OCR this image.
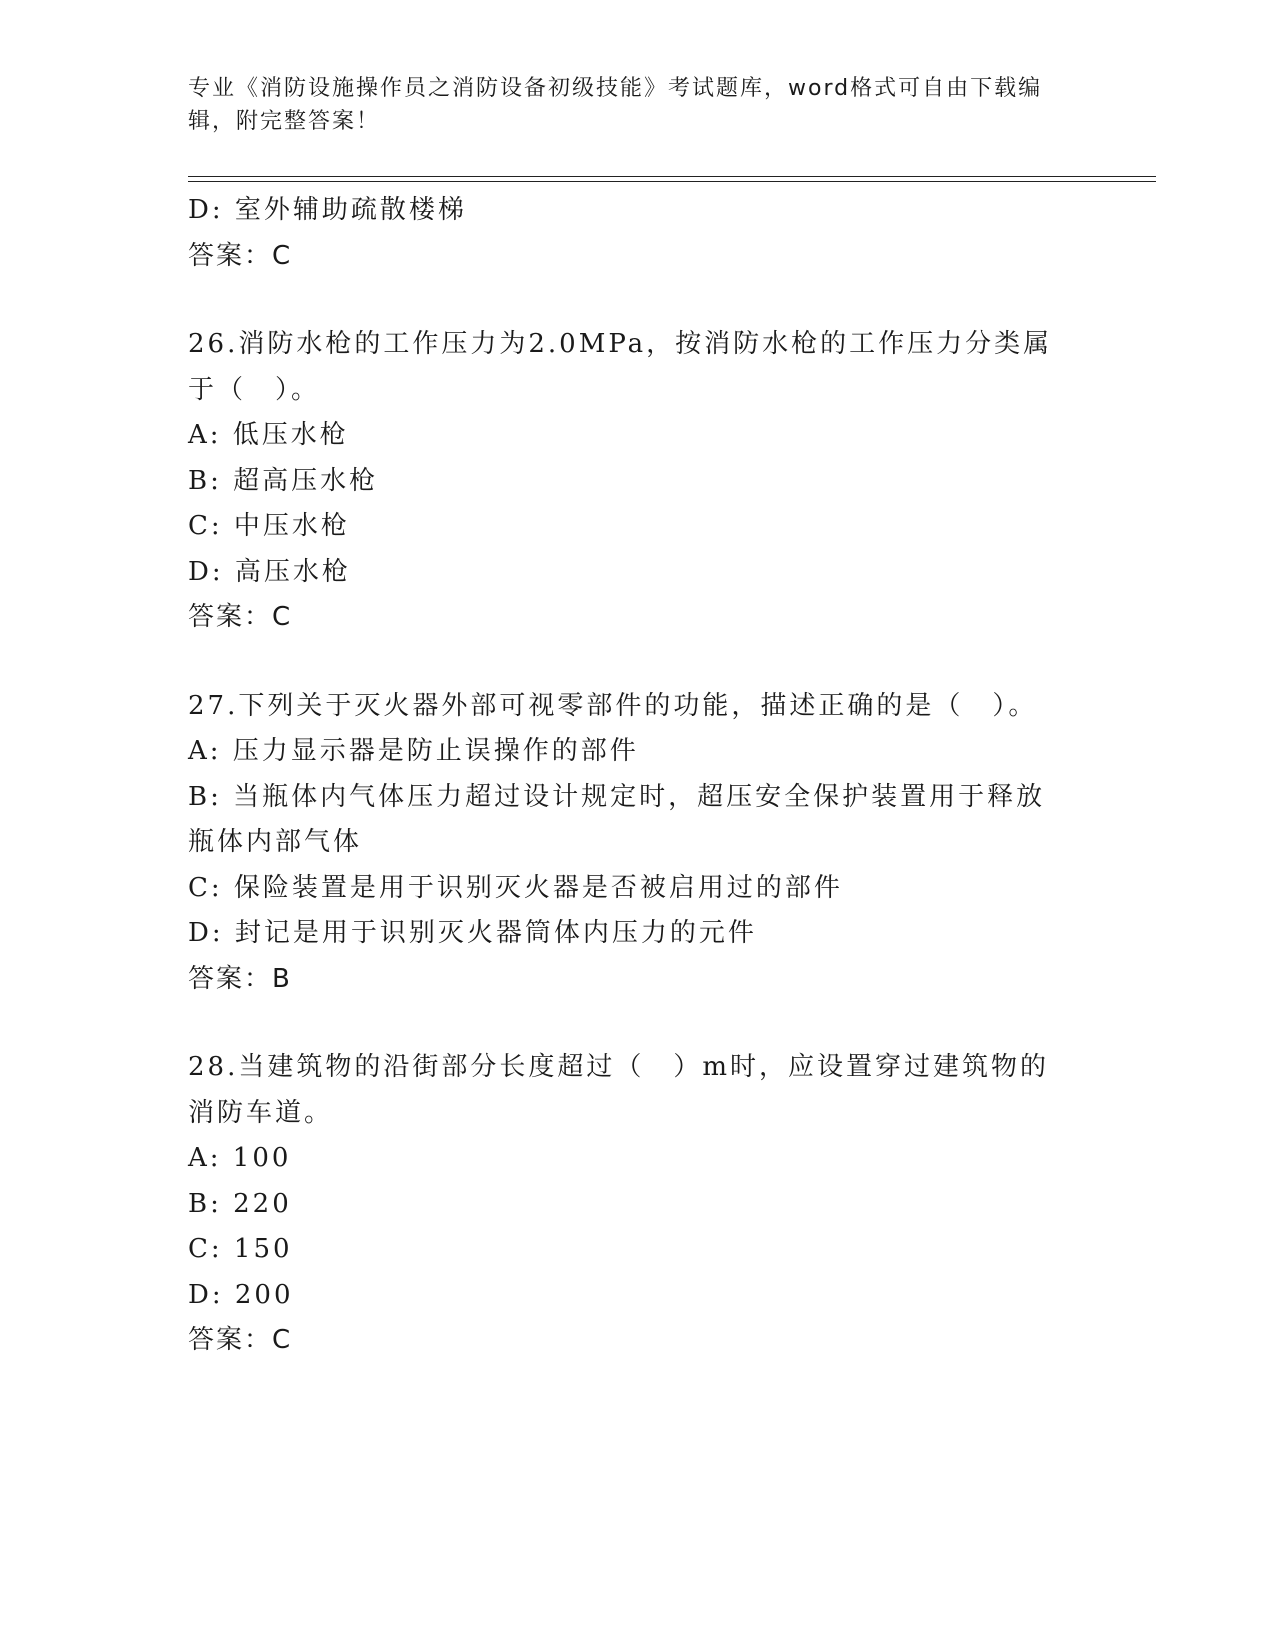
专业《消防设施操作员之消防设备初级技能》考试题库，word格式可自由下载编辑，附完整答案！
D: 室外辅助疏散楼梯
答案：C
26.消防水枪的工作压力为2.0MPa，按消防水枪的工作压力分类属于（　）。
A: 低压水枪
B: 超高压水枪
C: 中压水枪
D: 高压水枪
答案：C
27.下列关于灭火器外部可视零部件的功能，描述正确的是（　）。
A: 压力显示器是防止误操作的部件
B: 当瓶体内气体压力超过设计规定时，超压安全保护装置用于释放瓶体内部气体
C: 保险装置是用于识别灭火器是否被启用过的部件
D: 封记是用于识别灭火器筒体内压力的元件
答案：B
28.当建筑物的沿街部分长度超过（　）m时，应设置穿过建筑物的消防车道。
A: 100
B: 220
C: 150
D: 200
答案：C
